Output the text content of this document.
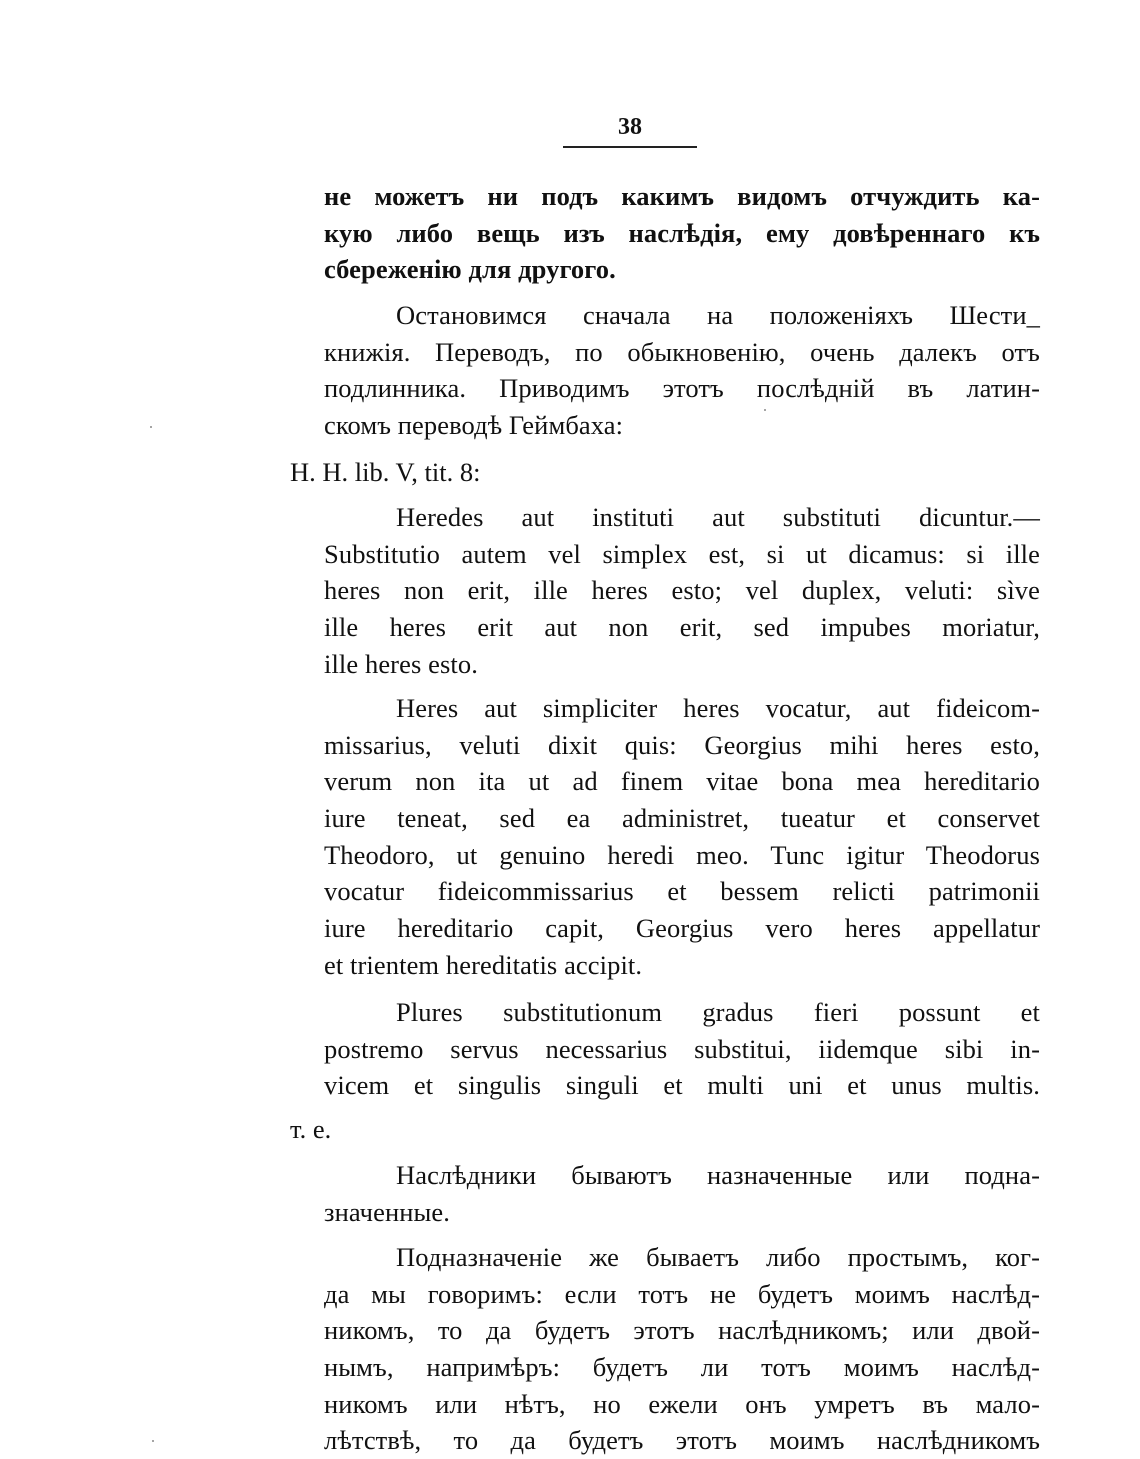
38
не можетъ ни подъ какимъ видомъ отчуждить ка-
кую либо вещь изъ наслѣдія, ему довѣреннаго къ
сбереженію для другого.
Остановимся сначала на положеніяхъ Шести_
книжія. Переводъ, по обыкновенію, очень далекъ отъ
подлинника. Приводимъ этотъ послѣдній въ латин-
скомъ переводѣ Геймбаха:
H. H. lib. V, tit. 8:
Heredes aut instituti aut substituti dicuntur.—
Substitutio autem vel simplex est, si ut dicamus: si ille
heres non erit, ille heres esto; vel duplex, veluti: sìve
ille heres erit aut non erit, sed impubes moriatur,
ille heres esto.
Heres aut simpliciter heres vocatur, aut fideicom-
missarius, veluti dixit quis: Georgius mihi heres esto,
verum non ita ut ad finem vitae bona mea hereditario
iure teneat, sed ea administret, tueatur et conservet
Theodoro, ut genuino heredi meo. Tunc igitur Theodorus
vocatur fideicommissarius et bessem relicti patrimonii
iure hereditario capit, Georgius vero heres appellatur
et trientem hereditatis accipit.
Plures substitutionum gradus fieri possunt et
postremo servus necessarius substitui, iidemque sibi in-
vicem et singulis singuli et multi uni et unus multis.
т. е.
Наслѣдники бываютъ назначенные или подна-
значенные.
Подназначеніе же бываетъ либо простымъ, ког-
да мы говоримъ: если тотъ не будетъ моимъ наслѣд-
никомъ, то да будетъ этотъ наслѣдникомъ; или двой-
нымъ, напримѣръ: будетъ ли тотъ моимъ наслѣд-
никомъ или нѣтъ, но ежели онъ умретъ въ мало-
лѣтствѣ, то да будетъ этотъ моимъ наслѣдникомъ
